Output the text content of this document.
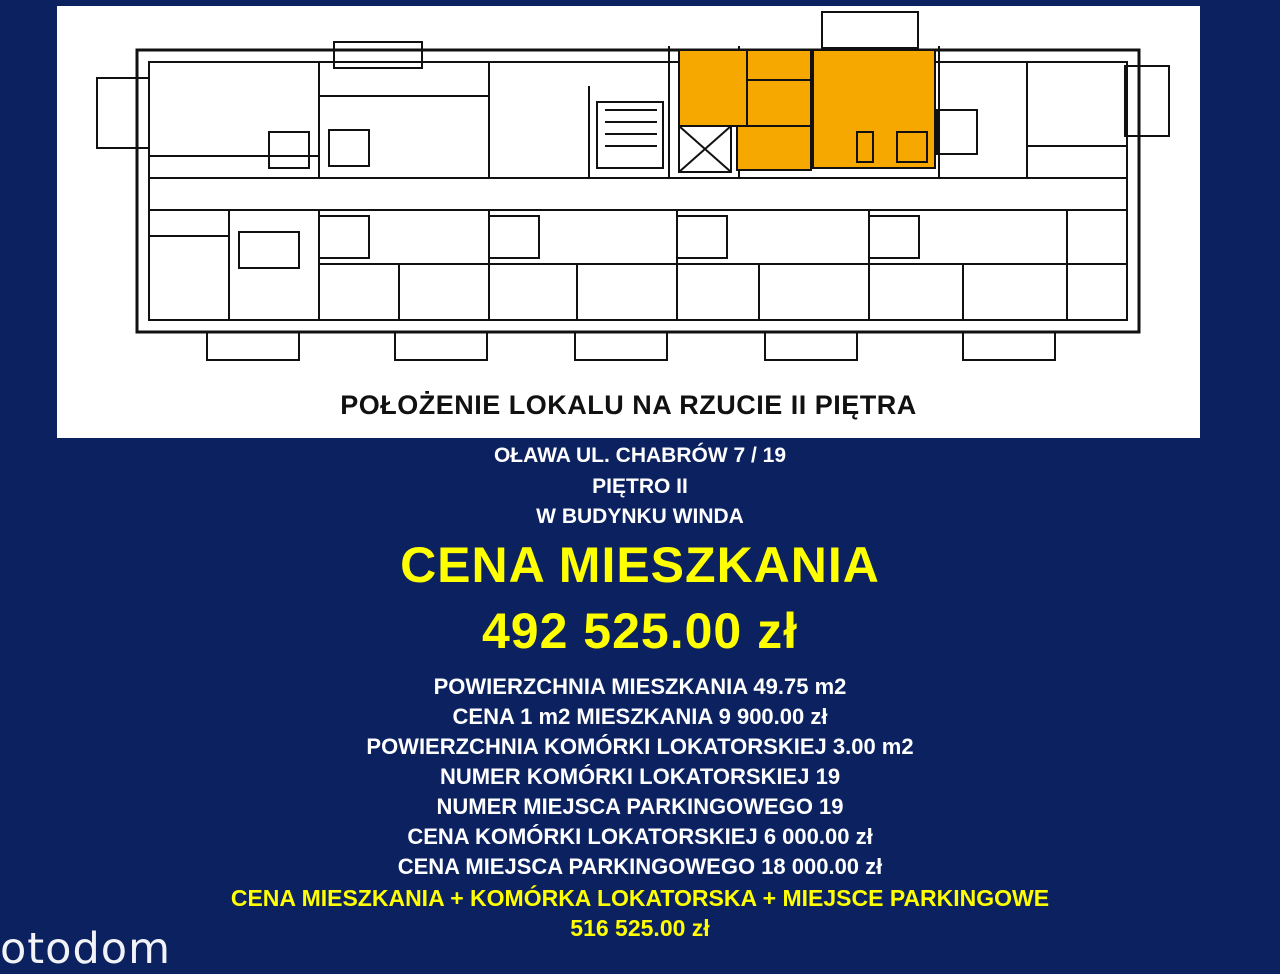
POŁOŻENIE LOKALU NA RZUCIE II PIĘTRA
OŁAWA UL. CHABRÓW 7 / 19
PIĘTRO II
W BUDYNKU WINDA
CENA MIESZKANIA
492 525.00 zł
POWIERZCHNIA MIESZKANIA 49.75 m2
CENA 1 m2 MIESZKANIA 9 900.00 zł
POWIERZCHNIA KOMÓRKI LOKATORSKIEJ 3.00 m2
NUMER KOMÓRKI LOKATORSKIEJ 19
NUMER MIEJSCA PARKINGOWEGO 19
CENA KOMÓRKI LOKATORSKIEJ 6 000.00 zł
CENA MIEJSCA PARKINGOWEGO 18 000.00 zł
CENA MIESZKANIA + KOMÓRKA LOKATORSKA + MIEJSCE PARKINGOWE
516 525.00 zł
otodom
